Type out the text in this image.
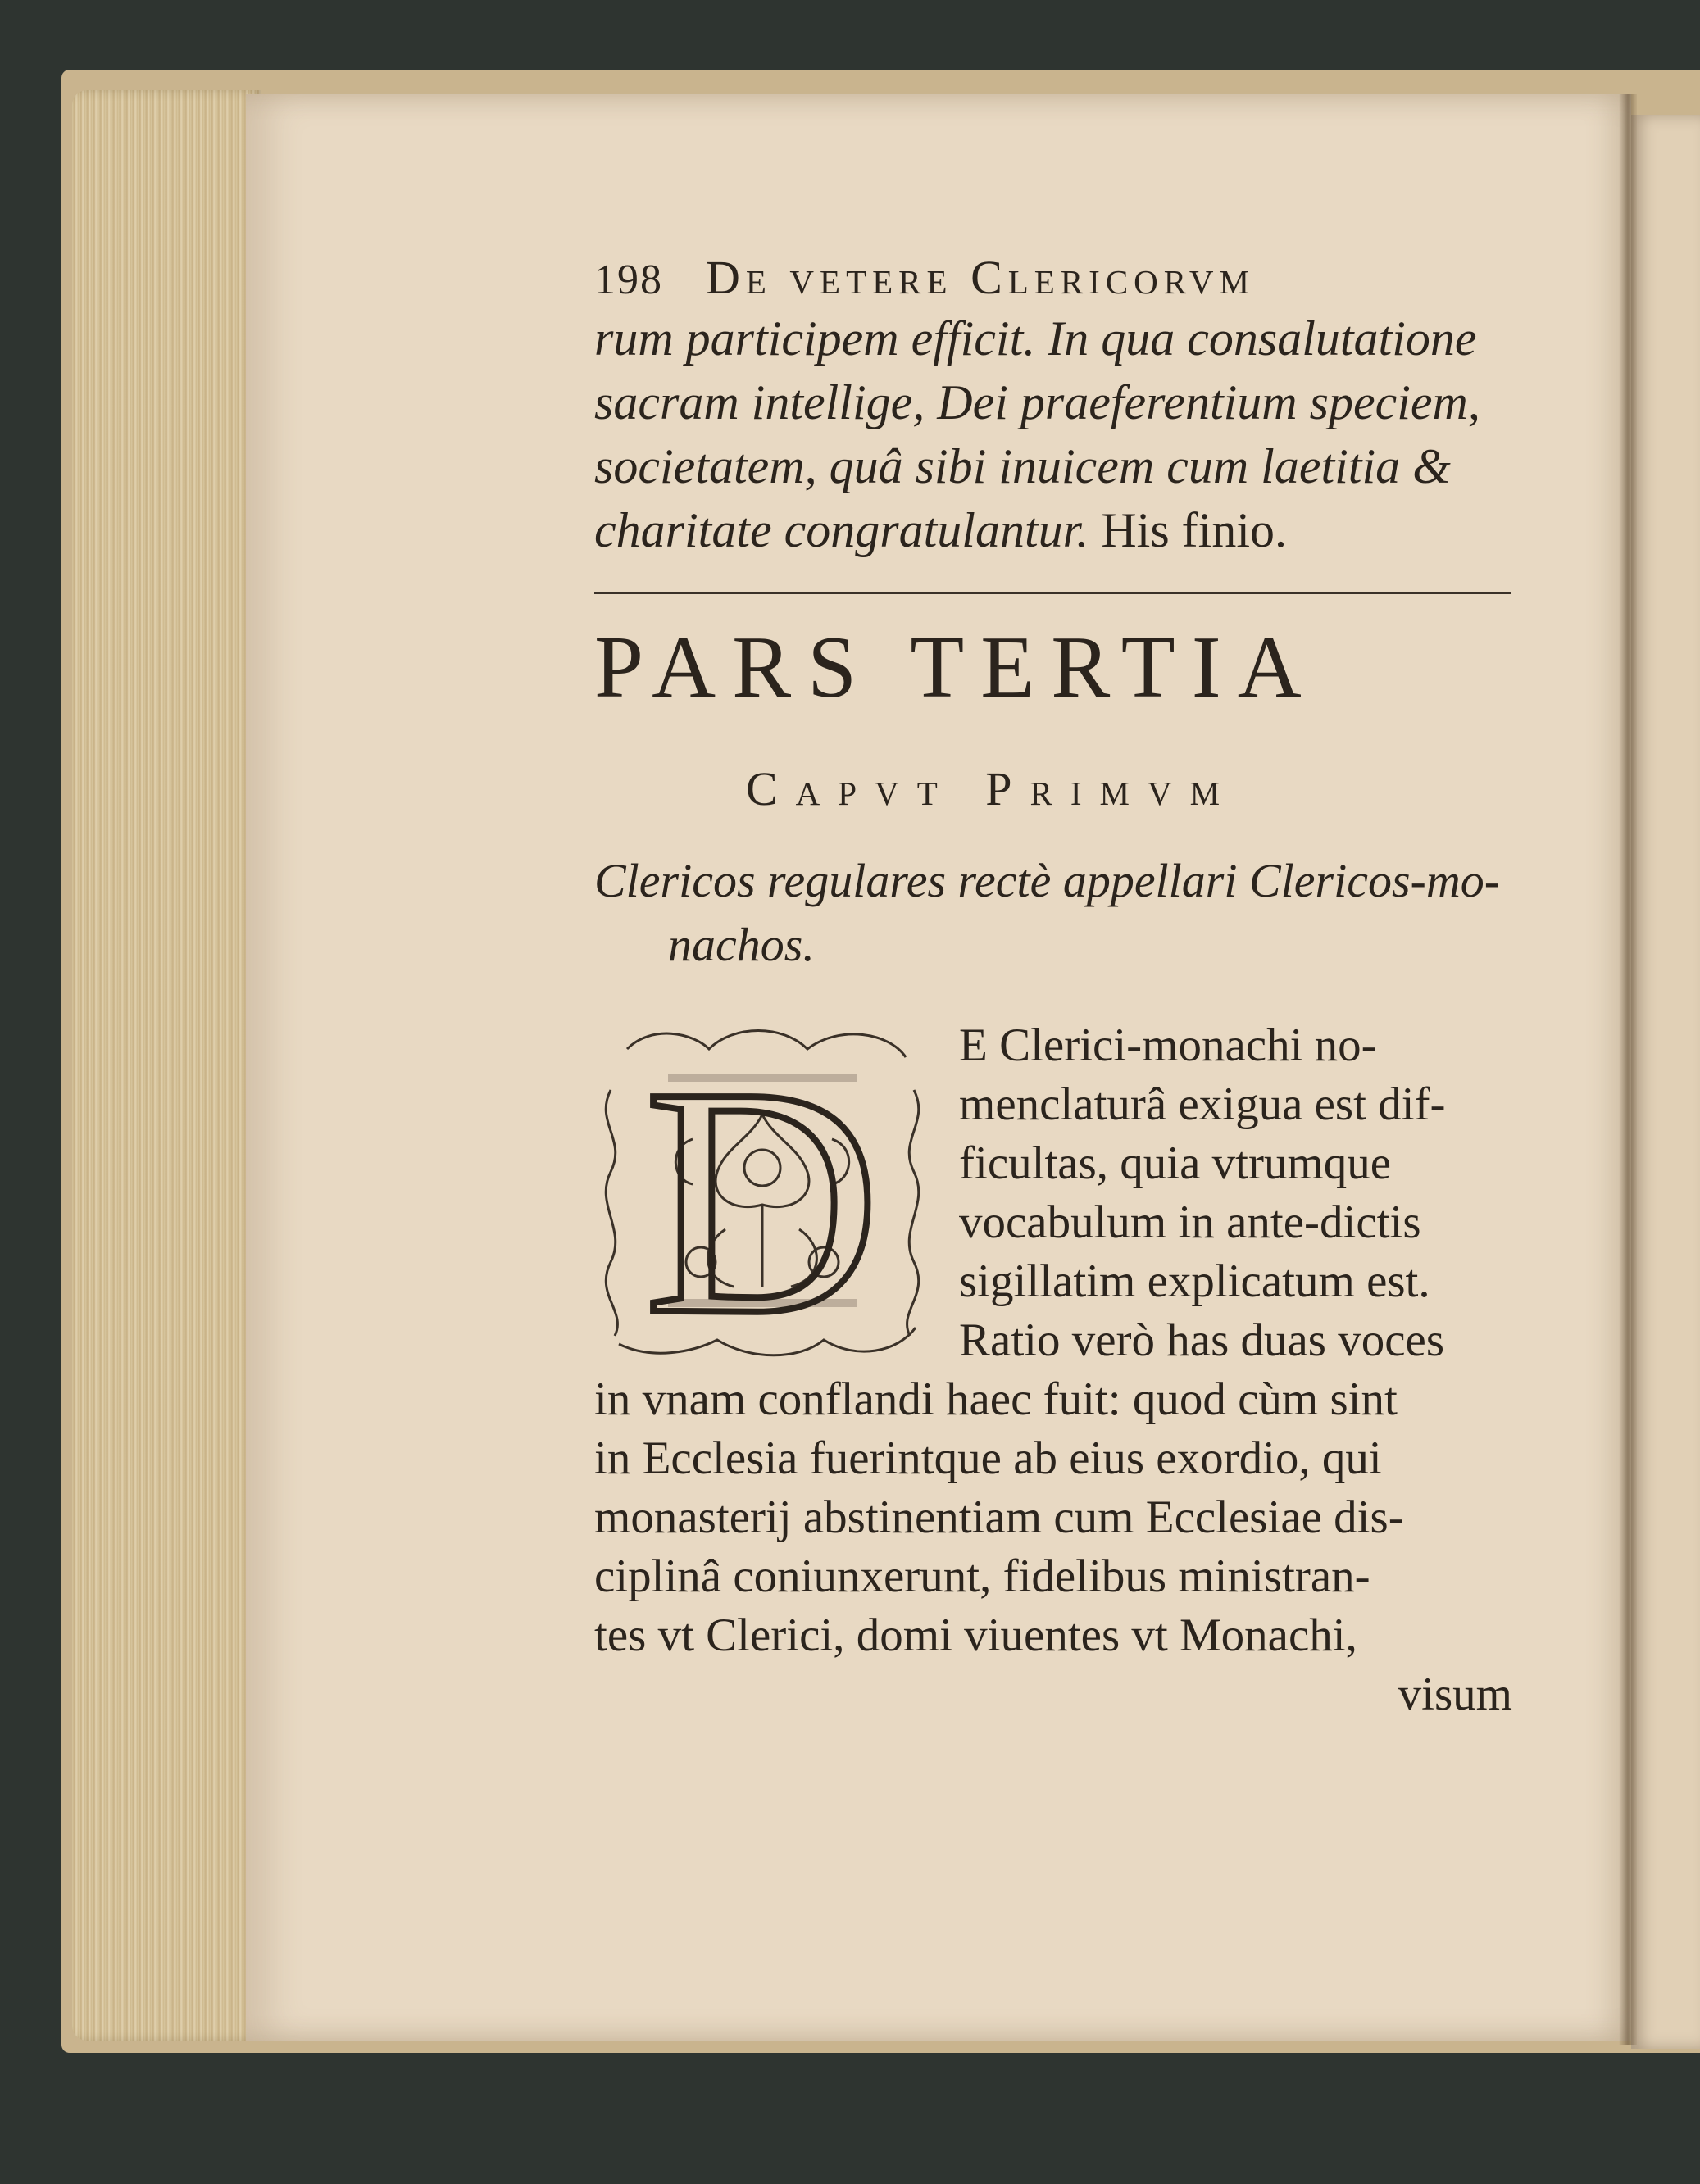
198 De vetere Clericorvm
rum participem efficit. In qua consalutatione
sacram intellige, Dei praeferentium speciem,
societatem, quâ sibi inuicem cum laetitia &
charitate congratulantur. His finio.
PARS TERTIA
Capvt Primvm
Clericos regulares rectè appellari Clericos-mo-
nachos.
D E Clerici-monachi no-
menclaturâ exigua est dif-
ficultas, quia vtrumque
vocabulum in ante-dictis
sigillatim explicatum est.
Ratio verò has duas voces
in vnam conflandi haec fuit: quod cùm sint
in Ecclesia fuerintque ab eius exordio, qui
monasterij abstinentiam cum Ecclesiae dis-
ciplinâ coniunxerunt, fidelibus ministran-
tes vt Clerici, domi viuentes vt Monachi,
visum
